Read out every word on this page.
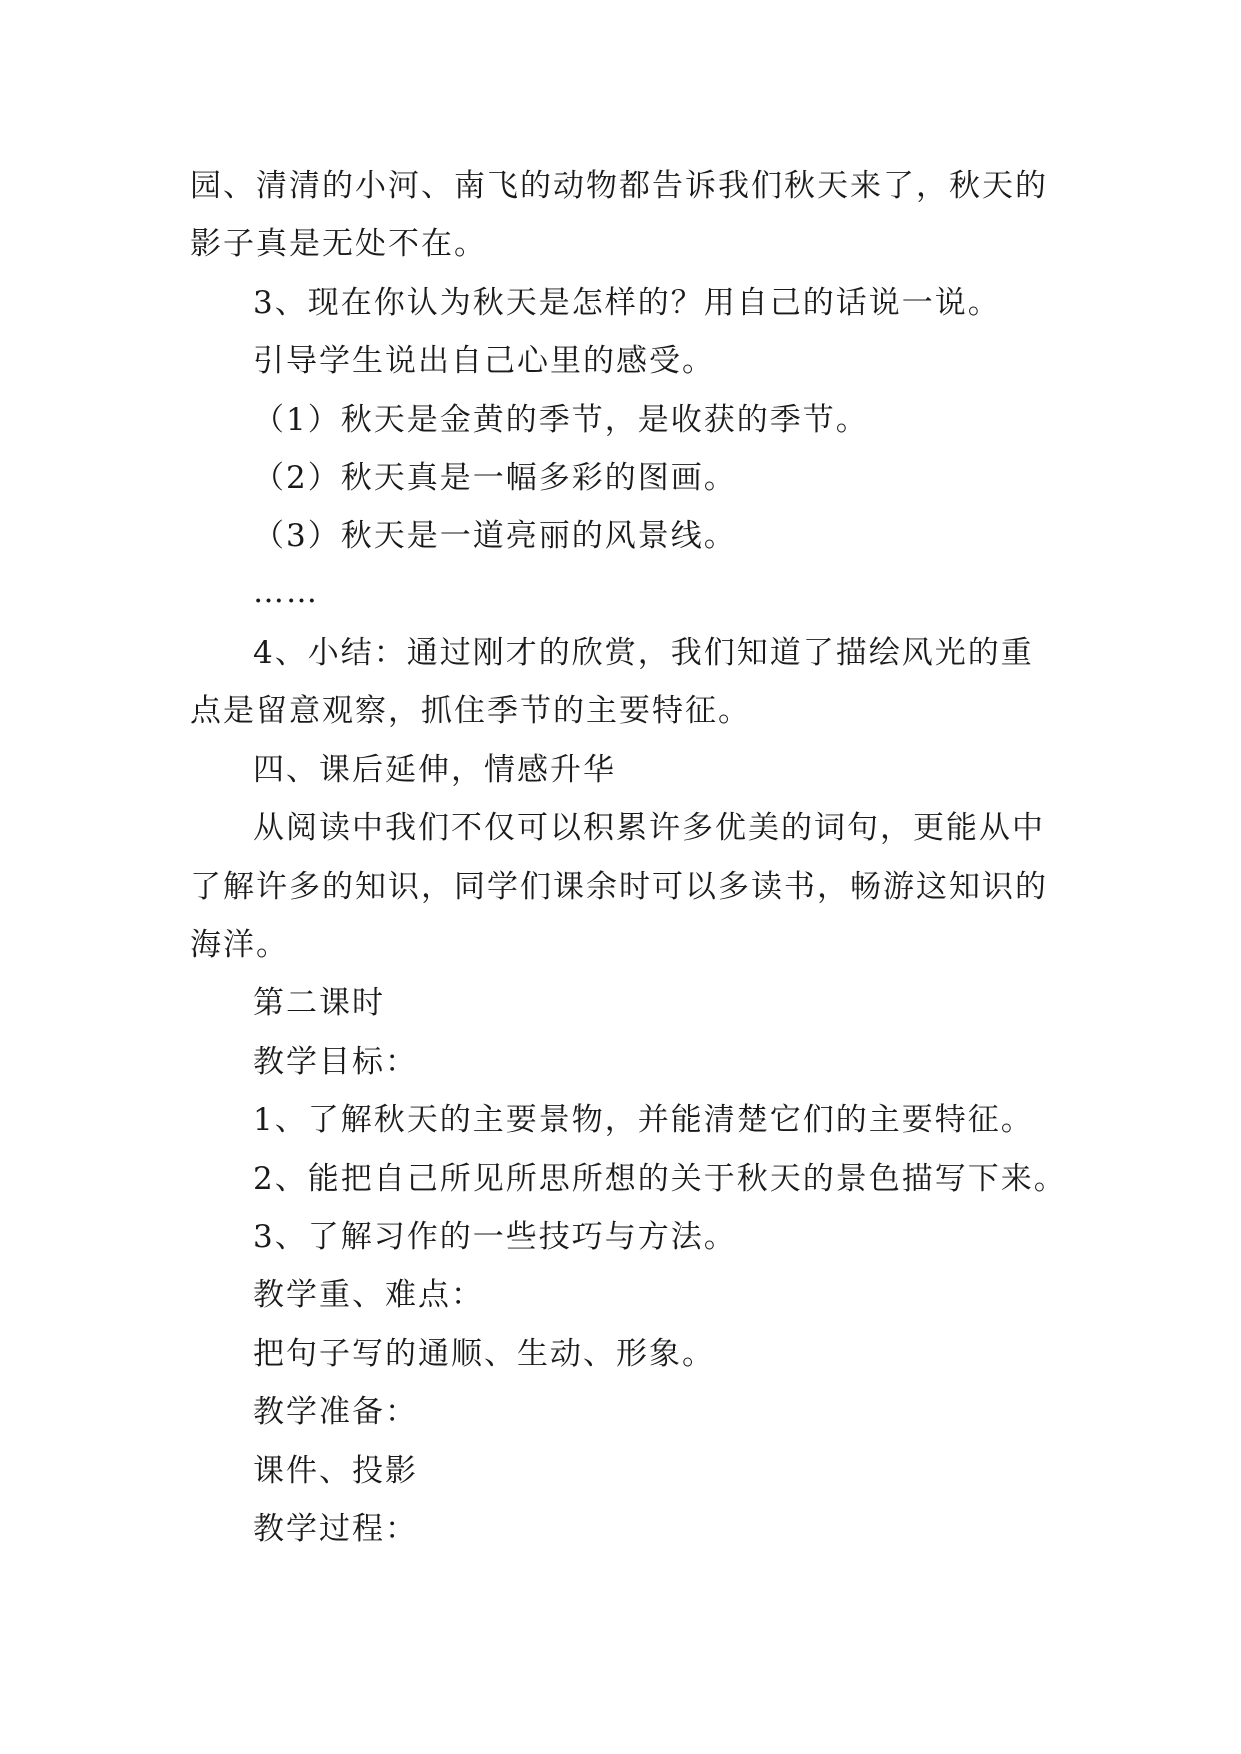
园、清清的小河、南飞的动物都告诉我们秋天来了，秋天的
影子真是无处不在。
3、现在你认为秋天是怎样的？用自己的话说一说。
引导学生说出自己心里的感受。
（1）秋天是金黄的季节，是收获的季节。
（2）秋天真是一幅多彩的图画。
（3）秋天是一道亮丽的风景线。
……
4、小结：通过刚才的欣赏，我们知道了描绘风光的重
点是留意观察，抓住季节的主要特征。
四、课后延伸，情感升华
从阅读中我们不仅可以积累许多优美的词句，更能从中
了解许多的知识，同学们课余时可以多读书，畅游这知识的
海洋。
第二课时
教学目标：
1、了解秋天的主要景物，并能清楚它们的主要特征。
2、能把自己所见所思所想的关于秋天的景色描写下来。
3、了解习作的一些技巧与方法。
教学重、难点：
把句子写的通顺、生动、形象。
教学准备：
课件、投影
教学过程：
